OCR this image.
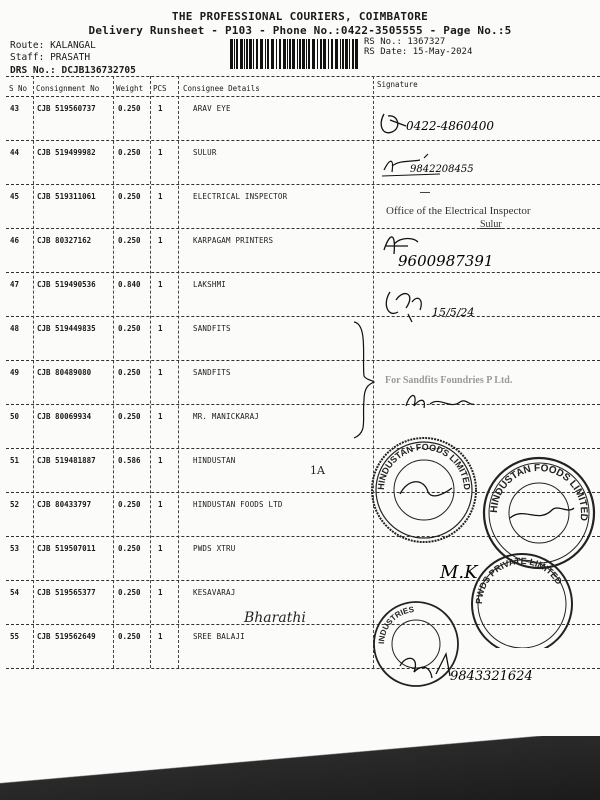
THE PROFESSIONAL COURIERS, COIMBATORE
Delivery Runsheet - P103 - Phone No.:0422-3505555 - Page No.:5
Route: KALANGAL
Staff: PRASATH
DRS No.: DCJB136732705
RS No.: 1367327
RS Date: 15-May-2024
S No Consignment No Weight PCS Consignee Details	Signature
43 CJB 519560737	0.250 1	ARAV EYE
44 CJB 519499982	0.250 1	SULUR
45 CJB 519311061	0.250 1	ELECTRICAL INSPECTOR
46 CJB 80327162	0.250 1	KARPAGAM PRINTERS
47 CJB 519490536	0.840 1	LAKSHMI
48 CJB 519449835	0.250 1	SANDFITS
49 CJB 80489080	0.250 1	SANDFITS
50 CJB 80069934	0.250 1	MR. MANICKARAJ
51 CJB 519481887	0.586 1	HINDUSTAN
52 CJB 80433797	0.250 1	HINDUSTAN FOODS LTD
53 CJB 519507011	0.250 1	PWDS XTRU
54 CJB 519565377	0.250 1	KESAVARAJ
55 CJB 519562649	0.250 1	SREE BALAJI
0422-4860400
9842208455
Office of the Electrical Inspector
Sulur
9600987391
15/5/24
For Sandfits Foundries P Ltd.
HINDUSTAN FOODS LIMITED
1A
HINDUSTAN FOODS LIMITED
PWDS PRIVATE LIMITED
M.K
Bharathi
INDUSTRIES
9843321624
